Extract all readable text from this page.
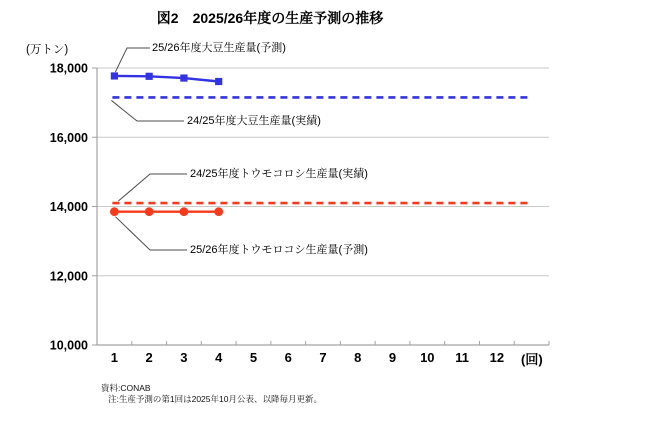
図2　2025/26年度の生産予測の推移
(万トン)
18,000
16,000
14,000
12,000
10,000
1 2 3 4 5 6 7 8 9 10 11 12
25/26年度大豆生産量(予測)
24/25年度大豆生産量(実績)
24/25年度トウモコロシ生産量(実績)
25/26年度トウモロコシ生産量(予測)
(回)
資料:CONAB
注:生産予測の第1回は2025年10月公表、以降毎月更新。
